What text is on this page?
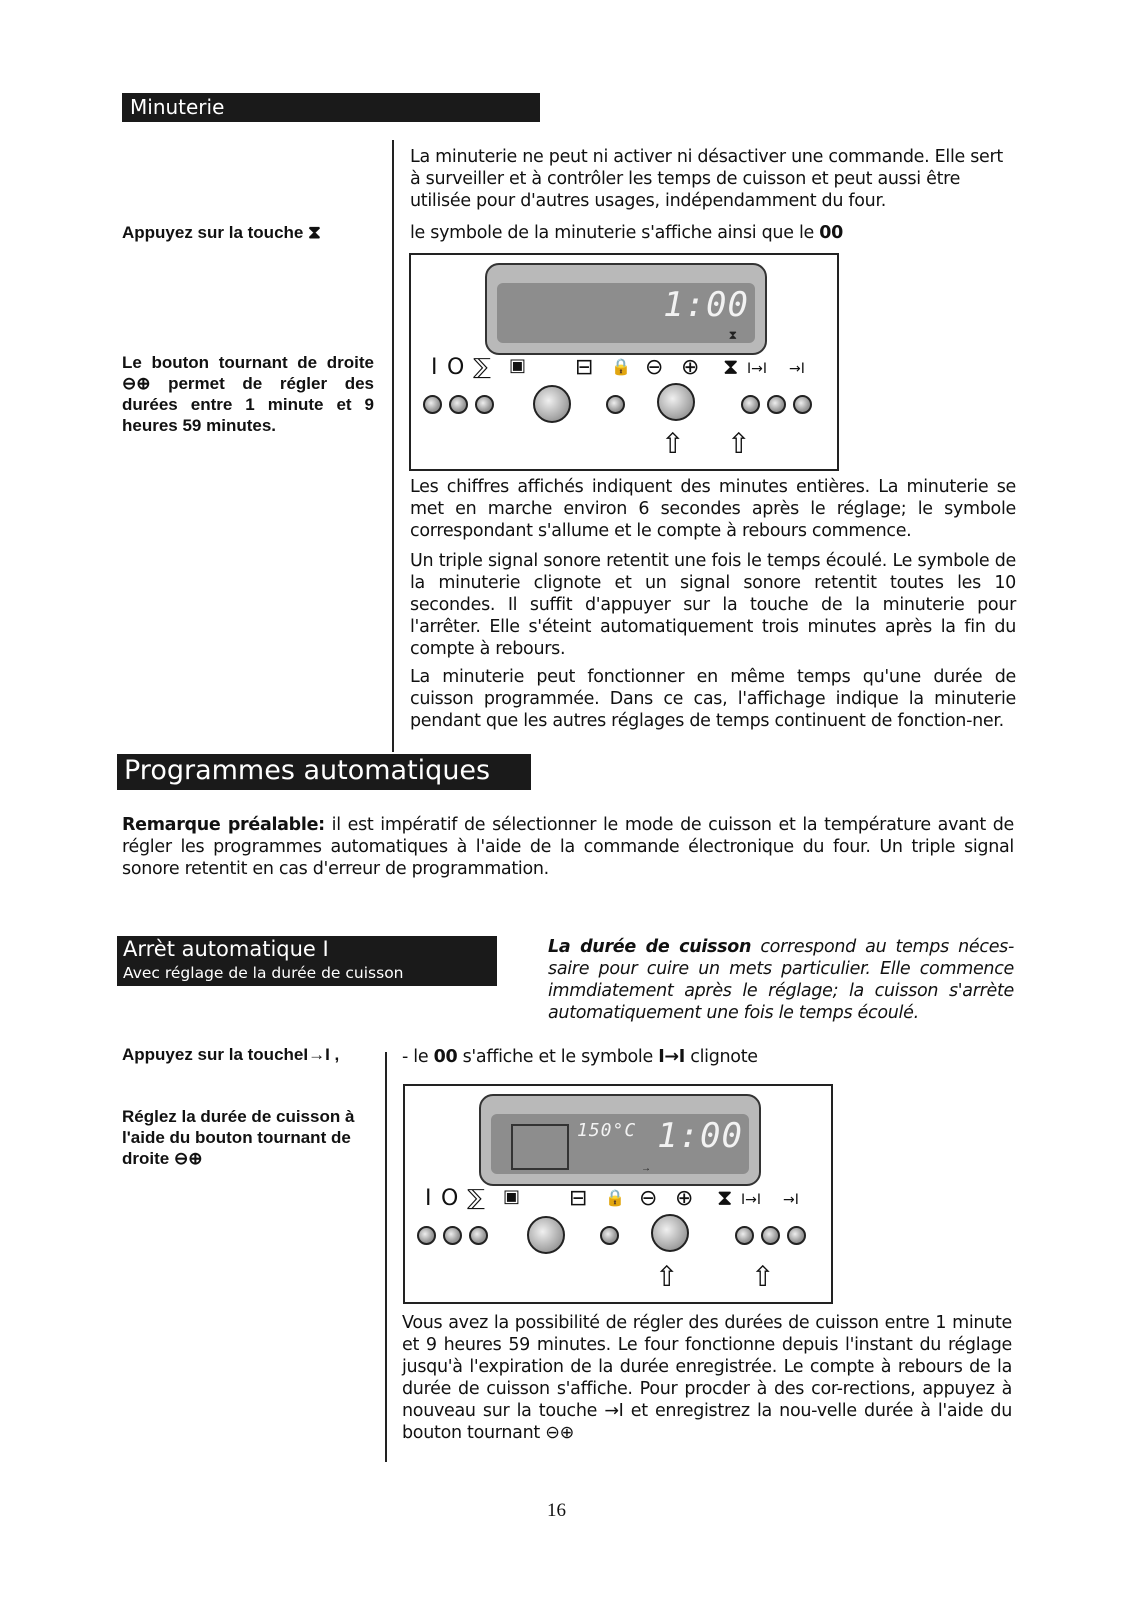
Minuterie
Appuyez sur la touche ⧗
Le bouton tournant de droite ⊖⊕ permet de régler des durées entre 1 minute et 9 heures 59 minutes.
La minuterie ne peut ni activer ni désactiver une commande. Elle sert à surveiller et à contrôler les temps de cuisson et peut aussi être utilisée pour d'autres usages, indépendamment du four.
le symbole de la minuterie s'affiche ainsi que le 00
1:00
⧗
I O ⅀ ▣ ⊟ 🔒 ⊖ ⊕ ⧗ I→I →I
⇧ ⇧
Les chiffres affichés indiquent des minutes entières. La minuterie se met en marche environ 6 secondes après le réglage; le symbole correspondant s'allume et le compte à rebours commence.
Un triple signal sonore retentit une fois le temps écoulé. Le symbole de la minuterie clignote et un signal sonore retentit toutes les 10 secondes. Il suffit d'appuyer sur la touche de la minuterie pour l'arrêter. Elle s'éteint automatiquement trois minutes après la fin du compte à rebours.
La minuterie peut fonctionner en même temps qu'une durée de cuisson programmée. Dans ce cas, l'affichage indique la minuterie pendant que les autres réglages de temps continuent de fonction-ner.
Programmes automatiques
Remarque préalable: il est impératif de sélectionner le mode de cuisson et la température avant de régler les programmes automatiques à l'aide de la commande électronique du four. Un triple signal sonore retentit en cas d'erreur de programmation.
Arrèt automatique I
Avec réglage de la durée de cuisson
La durée de cuisson correspond au temps néces-saire pour cuire un mets particulier. Elle commence immdiatement après le réglage; la cuisson s'arrète automatiquement une fois le temps écoulé.
Appuyez sur la toucheI→I ,	- le 00 s'affiche et le symbole I→I clignote
Réglez la durée de cuisson à l'aide du bouton tournant de droite ⊖⊕
150°C 1:00
→
I O ⅀ ▣ ⊟ 🔒 ⊖ ⊕ ⧗ I→I →I
⇧	⇧
Vous avez la possibilité de régler des durées de cuisson entre 1 minute et 9 heures 59 minutes. Le four fonctionne depuis l'instant du réglage jusqu'à l'expiration de la durée enregistrée. Le compte à rebours de la durée de cuisson s'affiche. Pour procder à des cor-rections, appuyez à nouveau sur la touche →I et enregistrez la nou-velle durée à l'aide du bouton tournant ⊖⊕
16
